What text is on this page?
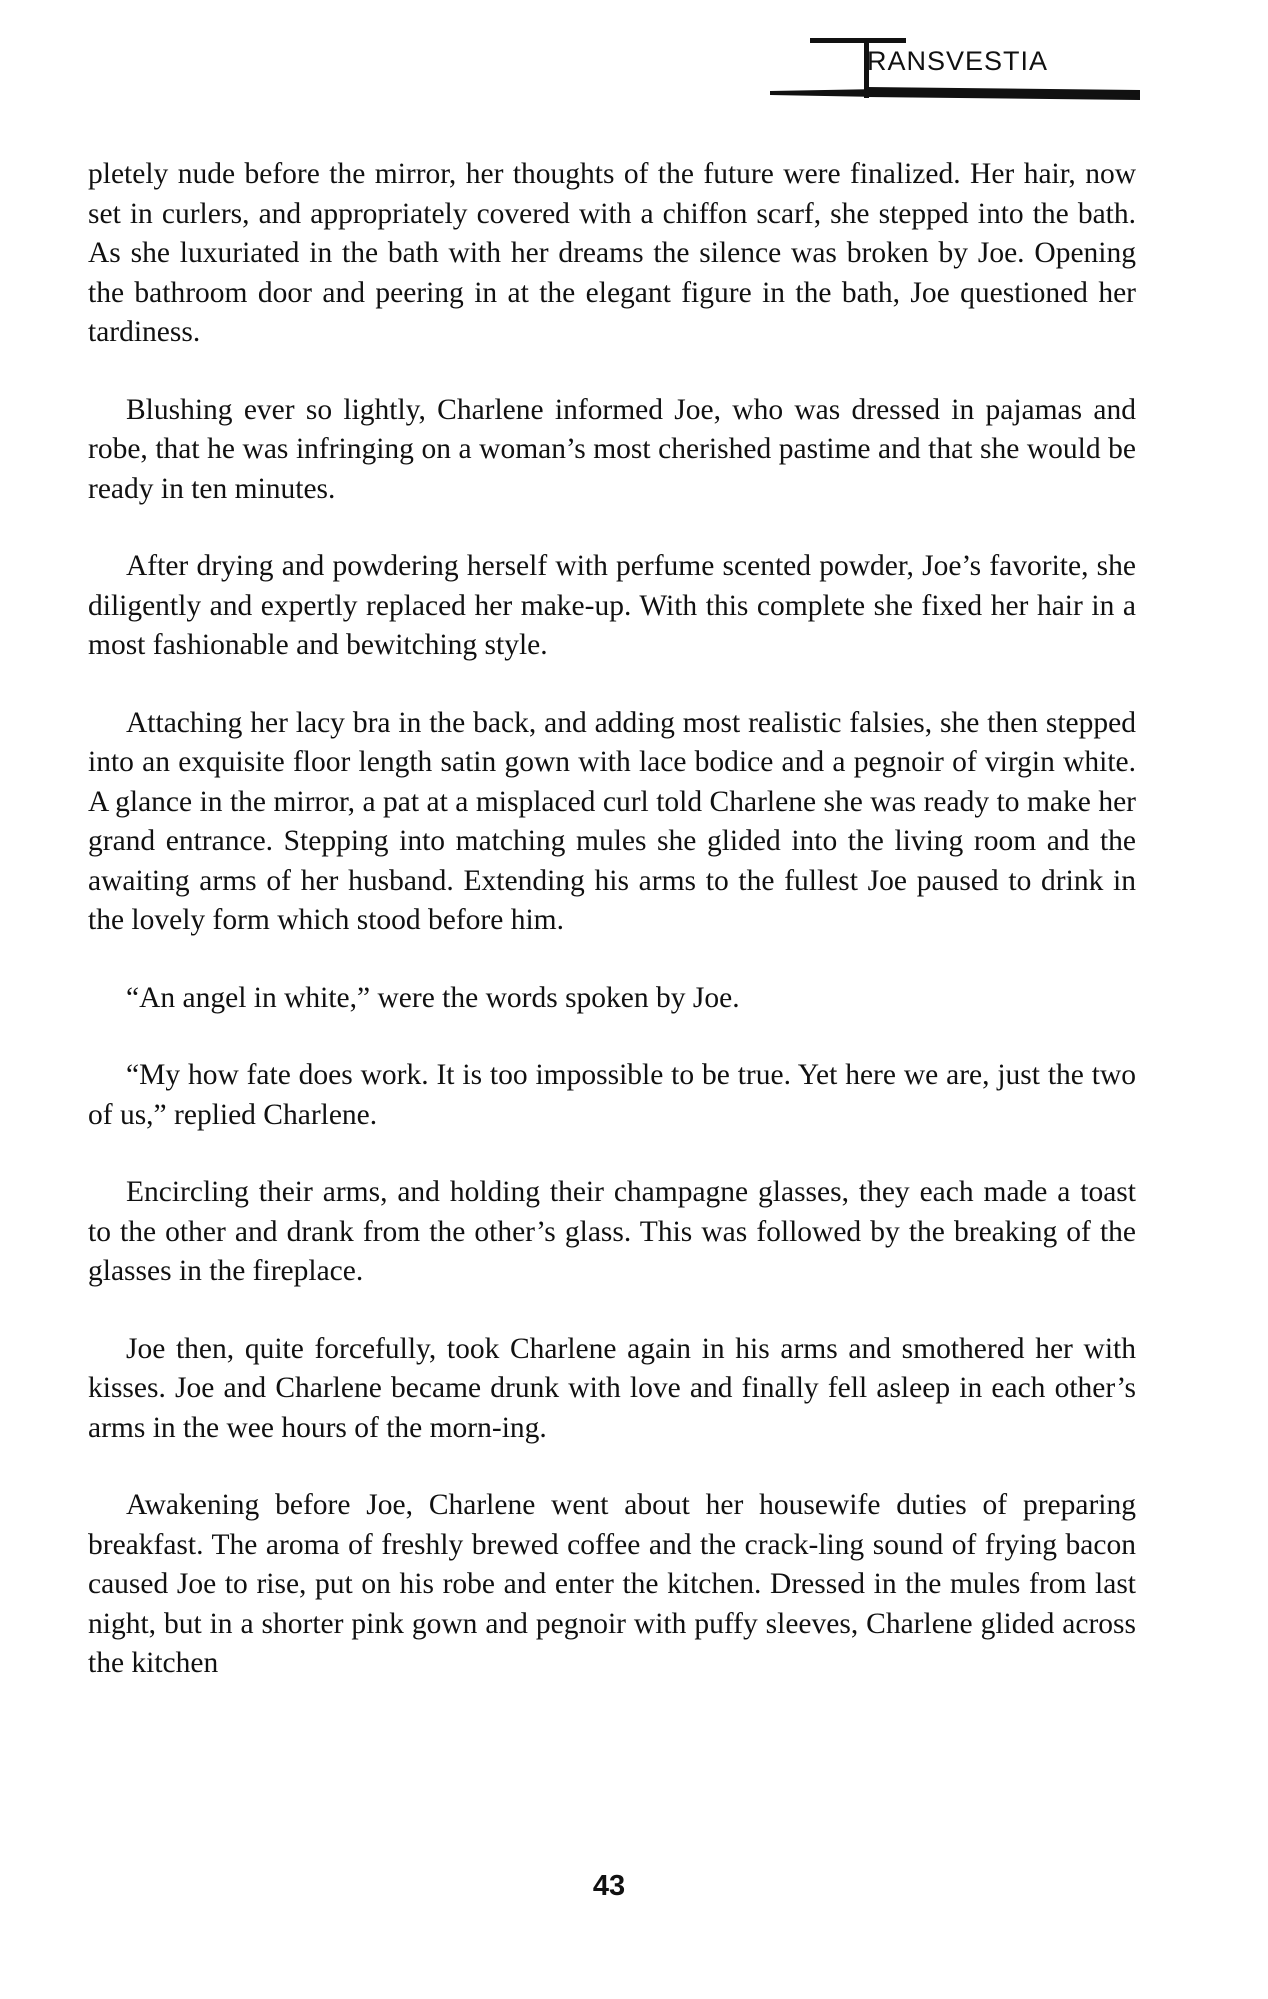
RANSVESTIA

pletely nude before the mirror, her thoughts of the future were finalized. Her hair, now set in curlers, and appropriately covered with a chiffon scarf, she stepped into the bath. As she luxuriated in the bath with her dreams the silence was broken by Joe. Opening the bathroom door and peering in at the elegant figure in the bath, Joe questioned her tardiness.

Blushing ever so lightly, Charlene informed Joe, who was dressed in pajamas and robe, that he was infringing on a woman’s most cherished pastime and that she would be ready in ten minutes.

After drying and powdering herself with perfume scented powder, Joe’s favorite, she diligently and expertly replaced her make-up. With this complete she fixed her hair in a most fashionable and bewitching style.

Attaching her lacy bra in the back, and adding most realistic falsies, she then stepped into an exquisite floor length satin gown with lace bodice and a pegnoir of virgin white. A glance in the mirror, a pat at a misplaced curl told Charlene she was ready to make her grand entrance. Stepping into matching mules she glided into the living room and the awaiting arms of her husband. Extending his arms to the fullest Joe paused to drink in the lovely form which stood before him.

“An angel in white,” were the words spoken by Joe.

“My how fate does work. It is too impossible to be true. Yet here we are, just the two of us,” replied Charlene.

Encircling their arms, and holding their champagne glasses, they each made a toast to the other and drank from the other’s glass. This was followed by the breaking of the glasses in the fireplace.

Joe then, quite forcefully, took Charlene again in his arms and smothered her with kisses. Joe and Charlene became drunk with love and finally fell asleep in each other’s arms in the wee hours of the morn-ing.

Awakening before Joe, Charlene went about her housewife duties of preparing breakfast. The aroma of freshly brewed coffee and the crack-ling sound of frying bacon caused Joe to rise, put on his robe and enter the kitchen. Dressed in the mules from last night, but in a shorter pink gown and pegnoir with puffy sleeves, Charlene glided across the kitchen

43
